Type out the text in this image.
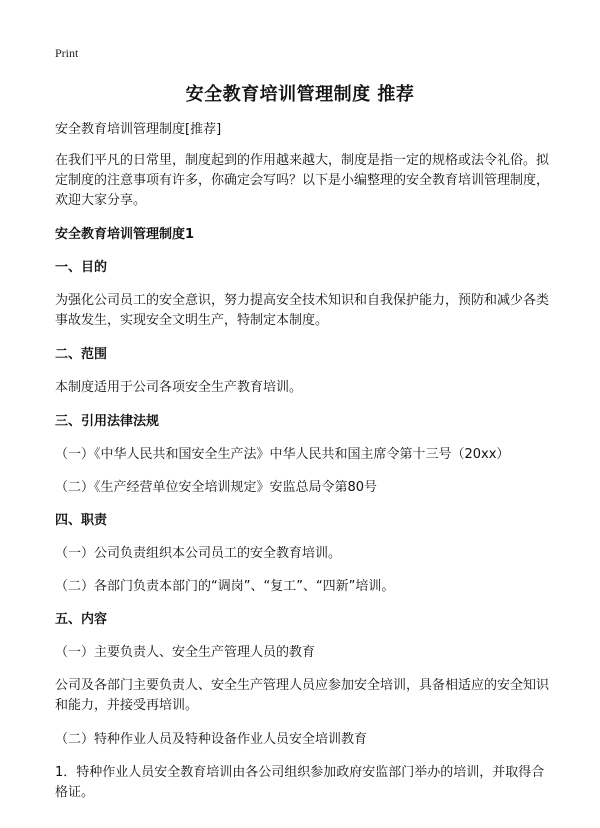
Print
安全教育培训管理制度 推荐

安全教育培训管理制度[推荐]

在我们平凡的日常里，制度起到的作用越来越大，制度是指一定的规格或法令礼俗。拟定制度的注意事项有许多，你确定会写吗？以下是小编整理的安全教育培训管理制度，欢迎大家分享。

安全教育培训管理制度1

一、目的

为强化公司员工的安全意识，努力提高安全技术知识和自我保护能力，预防和减少各类事故发生，实现安全文明生产，特制定本制度。

二、范围

本制度适用于公司各项安全生产教育培训。

三、引用法律法规

（一）《中华人民共和国安全生产法》中华人民共和国主席令第十三号（20xx）

（二）《生产经营单位安全培训规定》安监总局令第80号

四、职责

（一）公司负责组织本公司员工的安全教育培训。

（二）各部门负责本部门的“调岗”、“复工”、“四新”培训。

五、内容

（一）主要负责人、安全生产管理人员的教育

公司及各部门主要负责人、安全生产管理人员应参加安全培训，具备相适应的安全知识和能力，并接受再培训。

（二）特种作业人员及特种设备作业人员安全培训教育

1．特种作业人员安全教育培训由各公司组织参加政府安监部门举办的培训，并取得合格证。
